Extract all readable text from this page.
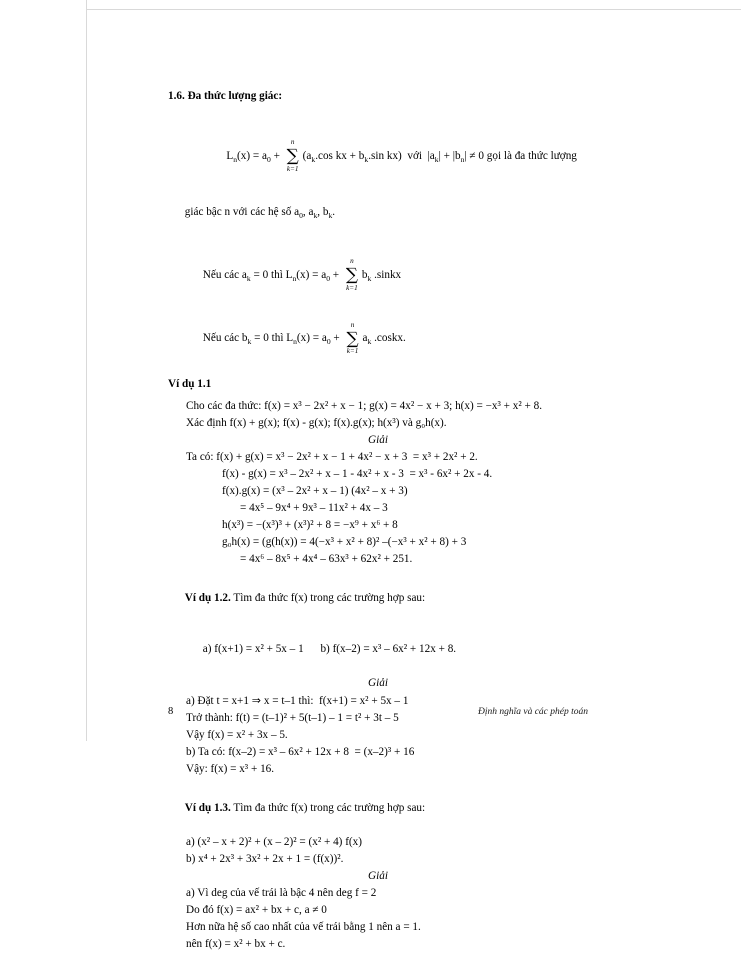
1.6. Đa thức lượng giác:

$L_n(x) = a_0$ +
n
∑
k=1
($a_k.\cos$ kx + $b_k.\sin$ kx)  với  $|a_k| + |b_n| \ne 0$ gọi là đa thức lượng

giác bậc n với các hệ số $a_0$, $a_k$, $b_k$.

Nếu các $a_k = 0$ thì $L_n(x) = a_0$ +
n
∑
k=1
$b_k$ .sinkx

Nếu các $b_k = 0$ thì $L_n(x) = a_0$ +
n
∑
k=1
$a_k$ .coskx.

Ví dụ 1.1
Cho các đa thức: f(x) = x³ − 2x² + x − 1; g(x) = 4x² − x + 3; h(x) = −x³ + x² + 8.
Xác định f(x) + g(x); f(x) - g(x); f(x).g(x); h(x³) và g₀h(x).
Giải
Ta có: f(x) + g(x) = x³ − 2x² + x − 1 + 4x² − x + 3  = x³ + 2x² + 2.
f(x) - g(x) = x³ – 2x² + x – 1 - 4x² + x - 3  = x³ - 6x² + 2x - 4.
f(x).g(x) = (x³ – 2x² + x – 1) (4x² – x + 3)
= 4x⁵ – 9x⁴ + 9x³ – 11x² + 4x – 3
h(x³) = −(x³)³ + (x³)² + 8 = −x⁹ + x⁶ + 8
g₀h(x) = (g(h(x)) = 4(−x³ + x² + 8)² –(−x³ + x² + 8) + 3
= 4x⁶ – 8x⁵ + 4x⁴ – 63x³ + 62x² + 251.

Ví dụ 1.2. Tìm đa thức f(x) trong các trường hợp sau:

a) f(x+1) = x² + 5x – 1 b) f(x–2) = x³ – 6x² + 12x + 8.

Giải
a) Đặt t = x+1 ⇒ x = t–1 thì:  f(x+1) = x² + 5x – 1
Trở thành: f(t) = (t–1)² + 5(t–1) – 1 = t² + 3t – 5
Vậy f(x) = x² + 3x – 5.
b) Ta có: f(x–2) = x³ – 6x² + 12x + 8  = (x–2)³ + 16
Vậy: f(x) = x³ + 16.

Ví dụ 1.3. Tìm đa thức f(x) trong các trường hợp sau:

a) (x² – x + 2)² + (x – 2)² = (x² + 4) f(x)
b) x⁴ + 2x³ + 3x² + 2x + 1 = (f(x))².
Giải
a) Vì deg của vế trái là bậc 4 nên deg f = 2
Do đó f(x) = ax² + bx + c, a ≠ 0
Hơn nữa hệ số cao nhất của vế trái bằng 1 nên a = 1.
nên f(x) = x² + bx + c.
8	Định nghĩa và các phép toán
